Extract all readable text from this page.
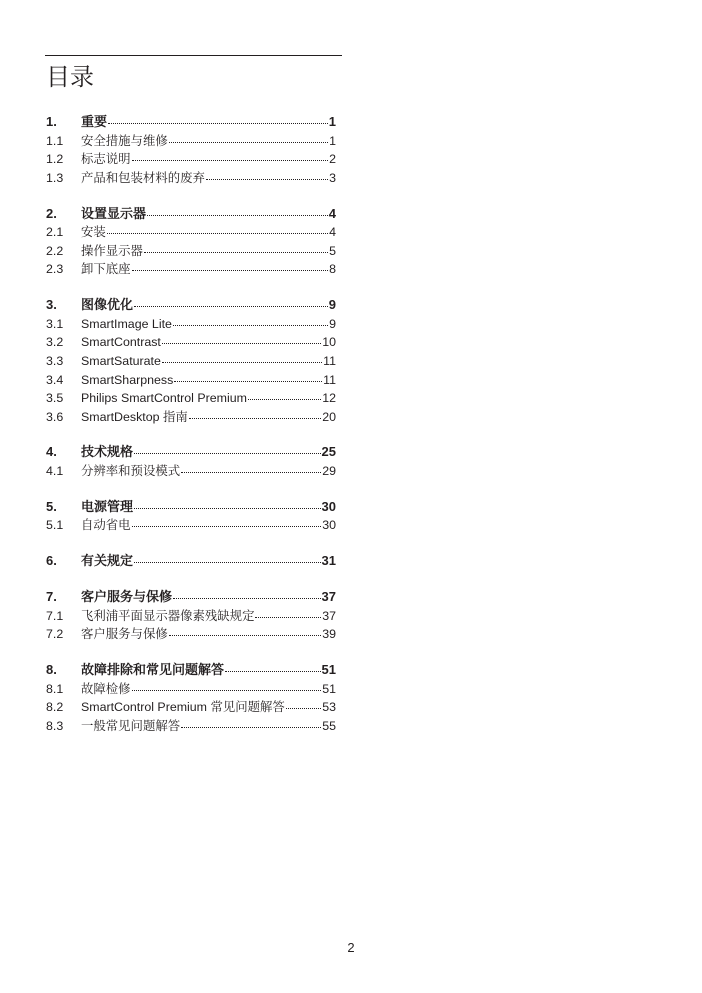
目录
1.	重要	1
1.1	安全措施与维修	1
1.2	标志说明	2
1.3	产品和包装材料的废弃	3
2.	设置显示器	4
2.1	安装	4
2.2	操作显示器	5
2.3	卸下底座	8
3.	图像优化	9
3.1	SmartImage Lite	9
3.2	SmartContrast	10
3.3	SmartSaturate	11
3.4	SmartSharpness	11
3.5	Philips SmartControl Premium	12
3.6	SmartDesktop 指南	20
4.	技术规格	25
4.1	分辨率和预设模式	29
5.	电源管理	30
5.1	自动省电	30
6.	有关规定	31
7.	客户服务与保修	37
7.1	飞利浦平面显示器像素残缺规定	37
7.2	客户服务与保修	39
8.	故障排除和常见问题解答	51
8.1	故障检修	51
8.2	SmartControl Premium 常见问题解答	53
8.3	一般常见问题解答	55
2
